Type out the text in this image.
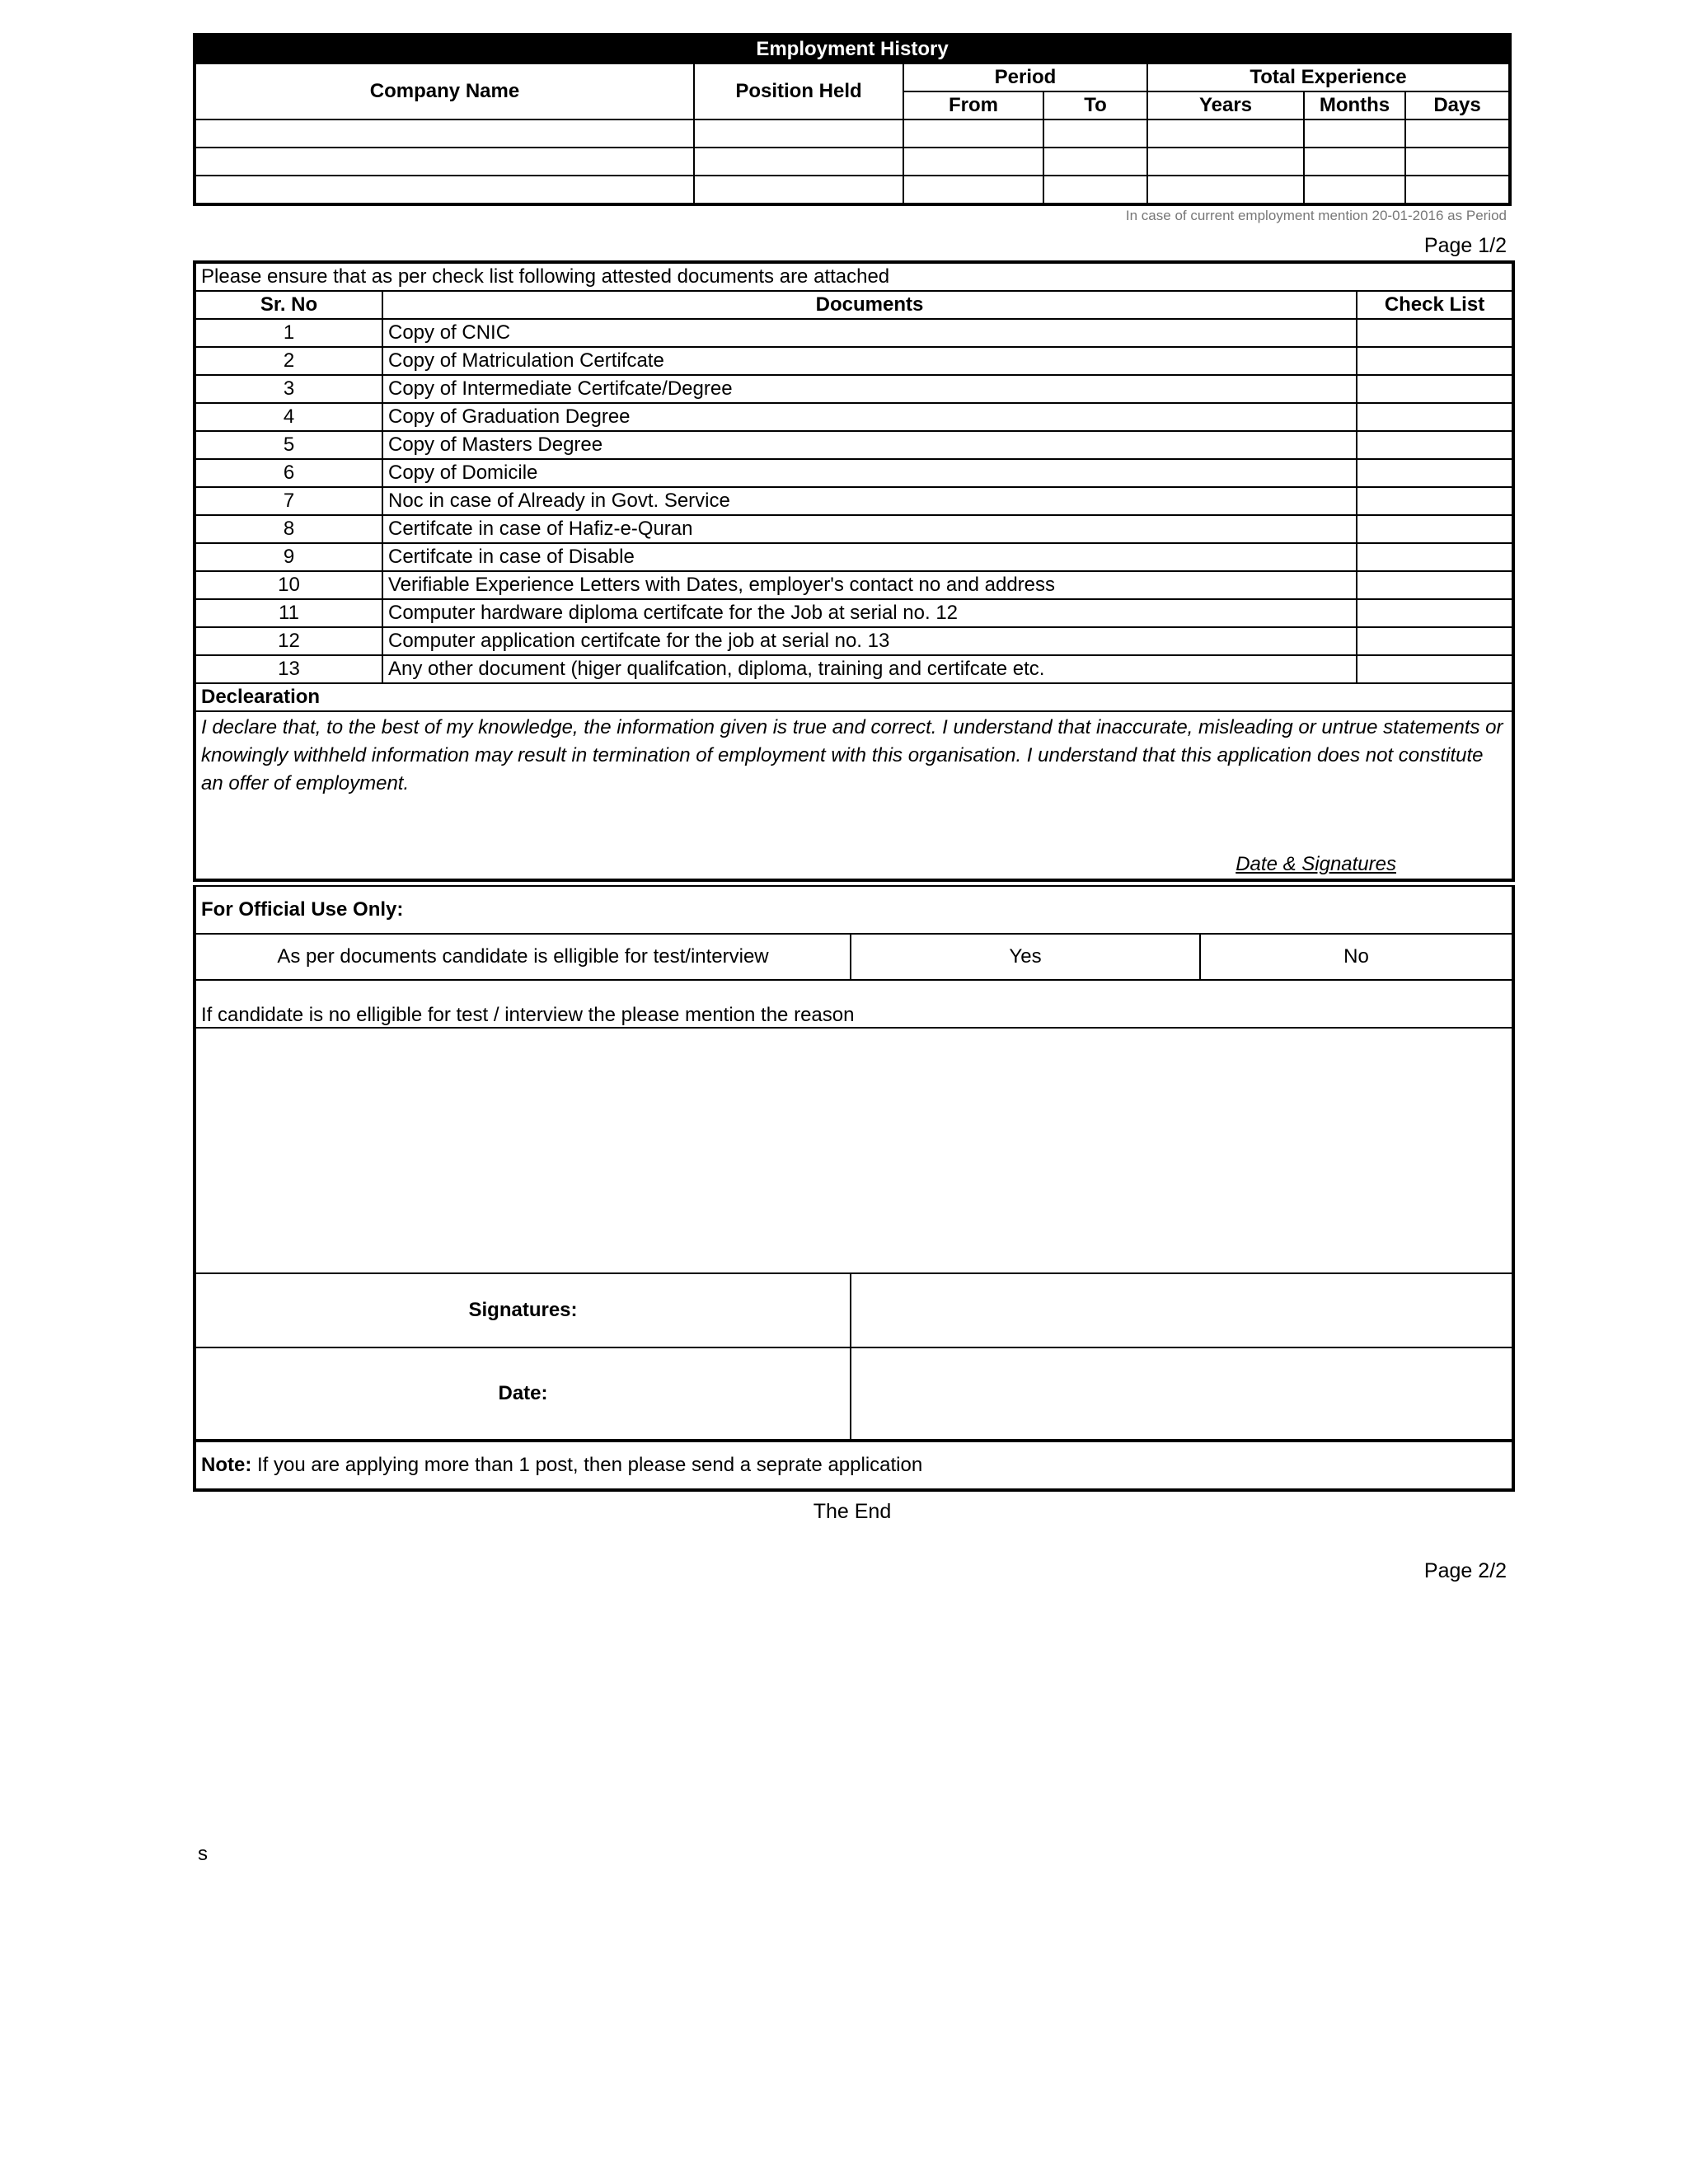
Employment History						
Company Name	Position Held	Period		Total Experience		
		From	To	Years	Months	Days

In case of current employment mention 20-01-2016 as Period
Page 1/2
Please ensure that as per check list following attested documents are attached		
Sr. No	Documents	Check List
1	Copy of CNIC	
2	Copy of Matriculation Certifcate	
3	Copy of Intermediate Certifcate/Degree	
4	Copy of Graduation Degree	
5	Copy of Masters Degree	
6	Copy of Domicile	
7	Noc in case of Already in Govt. Service	
8	Certifcate in case of Hafiz-e-Quran	
9	Certifcate in case of Disable	
10	Verifiable Experience Letters with Dates, employer's contact no and address	
11	Computer hardware diploma certifcate for the Job at serial no. 12	
12	Computer application certifcate for the job at serial no. 13	
13	Any other document (higer qualifcation, diploma, training and certifcate etc.	
Declearation		
I declare that, to the best of my knowledge, the information given is true and correct. I understand that inaccurate, misleading or untrue statements or knowingly withheld information may result in termination of employment with this organisation. I understand that this application does not constitute an offer of employment.
Date & Signatures		
For Official Use Only:		
As per documents candidate is elligible for test/interview	Yes	No
If candidate is no elligible for test / interview the please mention the reason		

Signatures:		
Date:		
Note: If you are applying more than 1 post, then please send a seprate application		
The End
Page 2/2
s
